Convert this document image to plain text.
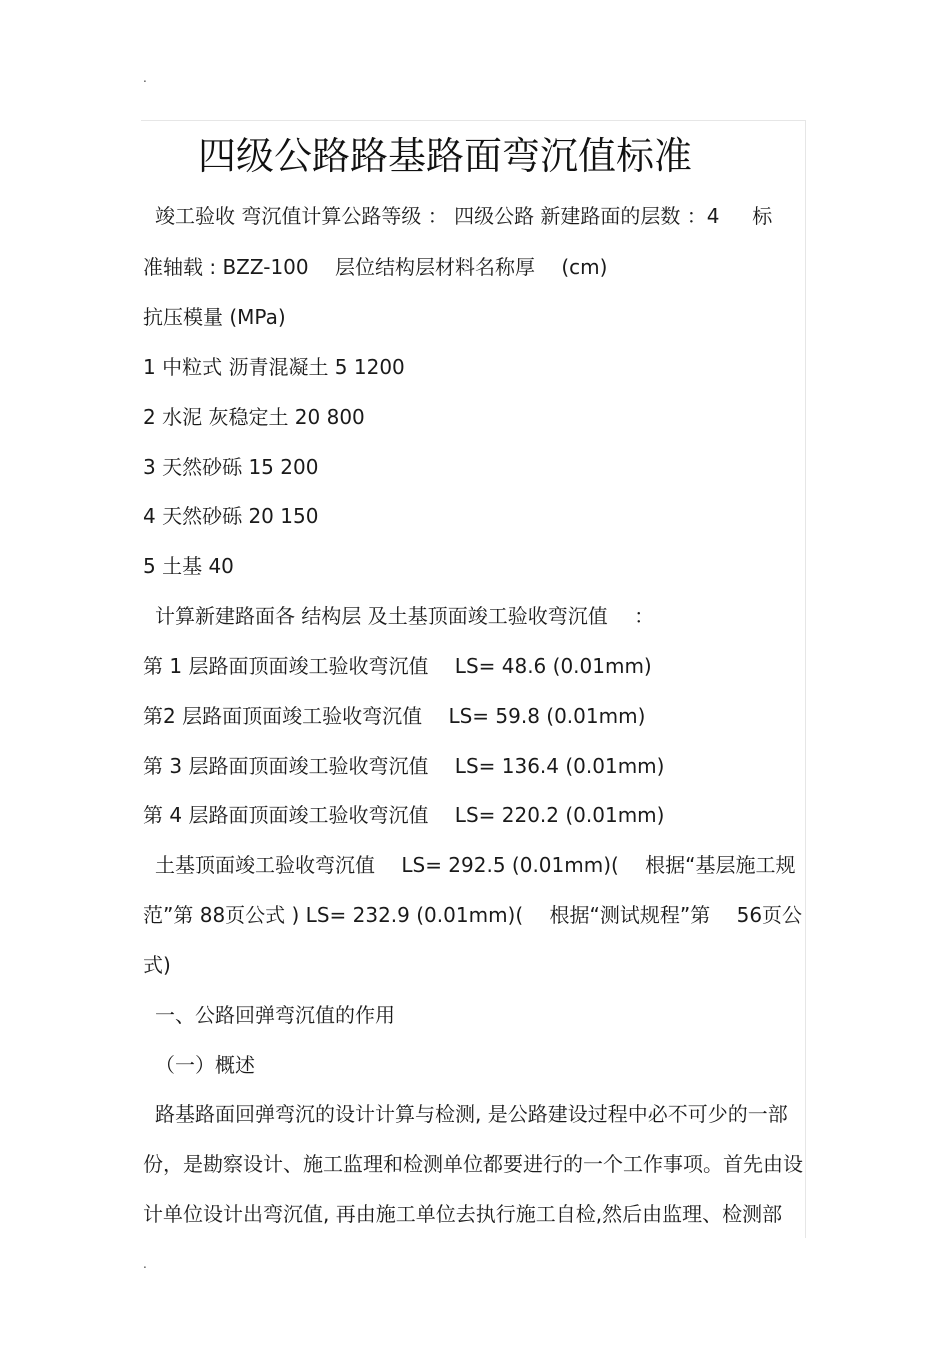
.
四级公路路基路面弯沉值标准
竣工验收 弯沉值计算公路等级 ： 四级公路 新建路面的层数 ：4 　 标
准轴载 : BZZ-100 　层位结构层材料名称厚 　(cm)
抗压模量 (MPa)
1 中粒式 沥青混凝土 5 1200
2 水泥 灰稳定土 20 800
3 天然砂砾 15 200
4 天然砂砾 20 150
5 土基 40
计算新建路面各 结构层 及土基顶面竣工验收弯沉值 　：
第 1 层路面顶面竣工验收弯沉值 　LS= 48.6 (0.01mm)
第2 层路面顶面竣工验收弯沉值 　LS= 59.8 (0.01mm)
第 3 层路面顶面竣工验收弯沉值 　LS= 136.4 (0.01mm)
第 4 层路面顶面竣工验收弯沉值 　LS= 220.2 (0.01mm)
土基顶面竣工验收弯沉值 　LS= 292.5 (0.01mm)( 　根据“基层施工规
范”第 88页公式 ) LS= 232.9 (0.01mm)( 　根据“测试规程”第 　56页公
式)
一、公路回弹弯沉值的作用
（一）概述
路基路面回弹弯沉的设计计算与检测, 是公路建设过程中必不可少的一部
份，是勘察设计、施工监理和检测单位都要进行的一个工作事项。首先由设
计单位设计出弯沉值, 再由施工单位去执行施工自检,然后由监理、检测部
.
